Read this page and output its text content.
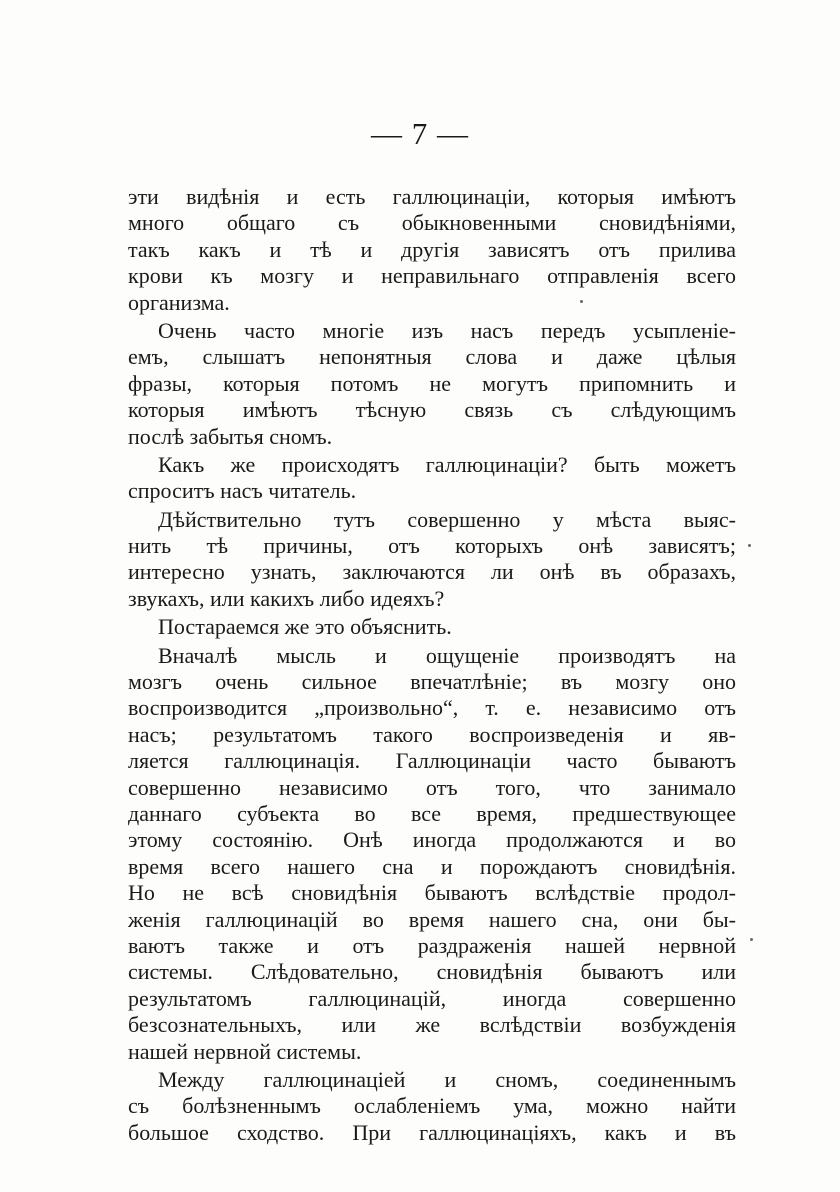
— 7 —
эти видѣнія и есть галлюцинаціи, которыя имѣютъ
много общаго съ обыкновенными сновидѣніями,
такъ какъ и тѣ и другія зависятъ отъ прилива
крови къ мозгу и неправильнаго отправленія всего
организма.
Очень часто многіе изъ насъ передъ усыпленіе-
емъ, слышатъ непонятныя слова и даже цѣлыя
фразы, которыя потомъ не могутъ припомнить и
которыя имѣютъ тѣсную связь съ слѣдующимъ
послѣ забытья сномъ.
Какъ же происходятъ галлюцинаціи? быть можетъ
спроситъ насъ читатель.
Дѣйствительно тутъ совершенно у мѣста выяс-
нить тѣ причины, отъ которыхъ онѣ зависятъ;
интересно узнать, заключаются ли онѣ въ образахъ,
звукахъ, или какихъ либо идеяхъ?
Постараемся же это объяснить.
Вначалѣ мысль и ощущеніе производятъ на
мозгъ очень сильное впечатлѣніе; въ мозгу оно
воспроизводится „произвольно“, т. е. независимо отъ
насъ; результатомъ такого воспроизведенія и яв-
ляется галлюцинація. Галлюцинаціи часто бываютъ
совершенно независимо отъ того, что занимало
даннаго субъекта во все время, предшествующее
этому состоянію. Онѣ иногда продолжаются и во
время всего нашего сна и порождаютъ сновидѣнія.
Но не всѣ сновидѣнія бываютъ вслѣдствіе продол-
женія галлюцинацій во время нашего сна, они бы-
ваютъ также и отъ раздраженія нашей нервной
системы. Слѣдовательно, сновидѣнія бываютъ или
результатомъ галлюцинацій, иногда совершенно
безсознательныхъ, или же вслѣдствіи возбужденія
нашей нервной системы.
Между галлюцинаціей и сномъ, соединеннымъ
съ болѣзненнымъ ослабленіемъ ума, можно найти
большое сходство. При галлюцинаціяхъ, какъ и въ
